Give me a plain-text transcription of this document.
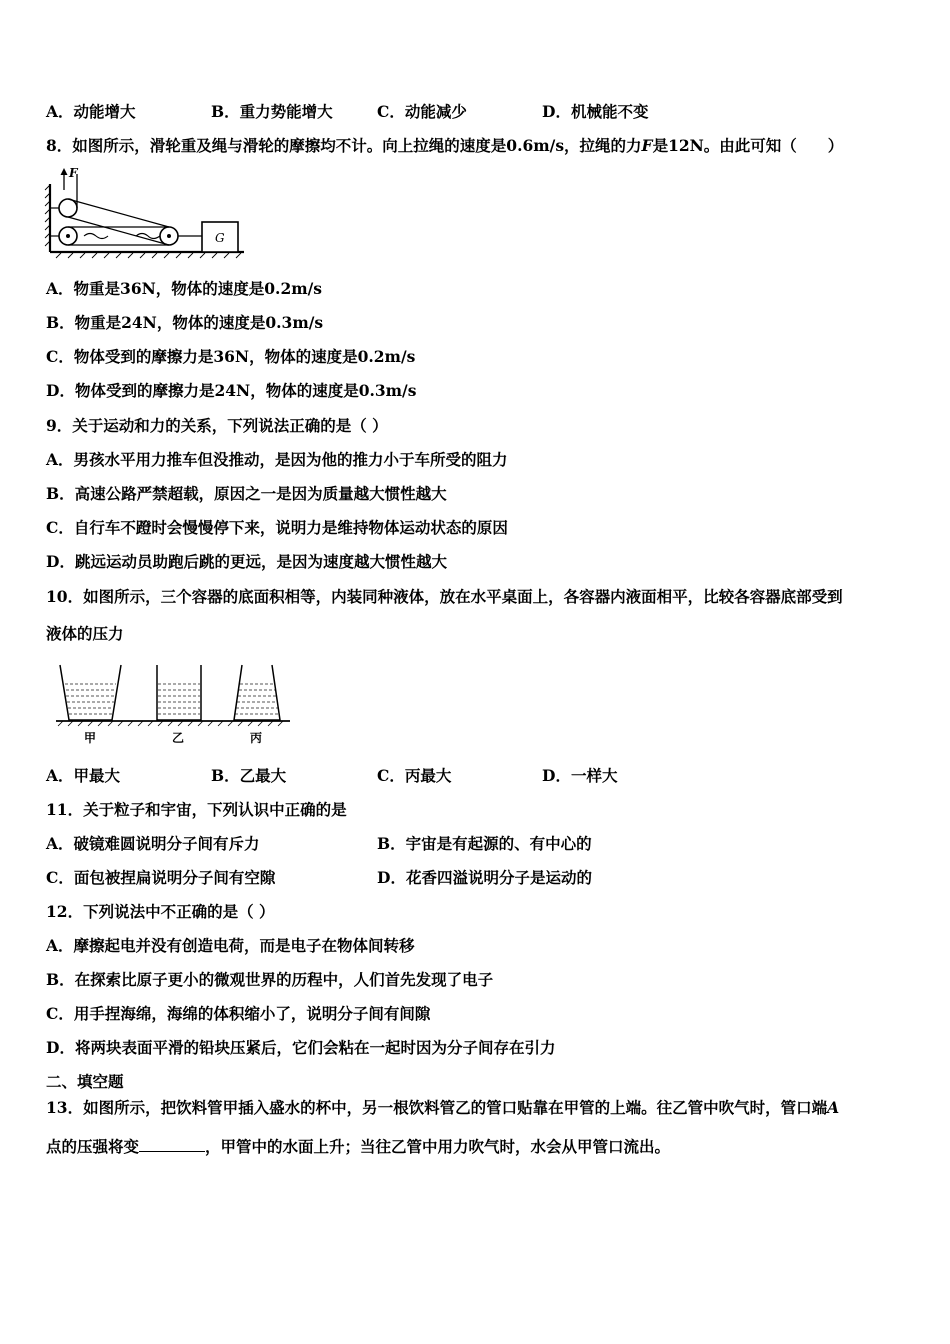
A．动能增大	B．重力势能增大	C．动能减少	D．机械能不变
8．如图所示，滑轮重及绳与滑轮的摩擦均不计。向上拉绳的速度是0.6m/s，拉绳的力F是12N。由此可知（　　）
G
F
A．物重是36N，物体的速度是0.2m/s
B．物重是24N，物体的速度是0.3m/s
C．物体受到的摩擦力是36N，物体的速度是0.2m/s
D．物体受到的摩擦力是24N，物体的速度是0.3m/s
9．关于运动和力的关系，下列说法正确的是（ ）
A．男孩水平用力推车但没推动，是因为他的推力小于车所受的阻力
B．高速公路严禁超载，原因之一是因为质量越大惯性越大
C．自行车不蹬时会慢慢停下来，说明力是维持物体运动状态的原因
D．跳远运动员助跑后跳的更远，是因为速度越大惯性越大
10．如图所示，三个容器的底面积相等，内装同种液体，放在水平桌面上，各容器内液面相平，比较各容器底部受到
液体的压力
甲	乙	丙
A．甲最大	B．乙最大	C．丙最大	D．一样大
11．关于粒子和宇宙，下列认识中正确的是
A．破镜难圆说明分子间有斥力	B．宇宙是有起源的、有中心的
C．面包被捏扁说明分子间有空隙	D．花香四溢说明分子是运动的
12．下列说法中不正确的是（ ）
A．摩擦起电并没有创造电荷，而是电子在物体间转移
B．在探索比原子更小的微观世界的历程中，人们首先发现了电子
C．用手捏海绵，海绵的体积缩小了，说明分子间有间隙
D．将两块表面平滑的铅块压紧后，它们会粘在一起时因为分子间存在引力
二、填空题
13．如图所示，把饮料管甲插入盛水的杯中，另一根饮料管乙的管口贴靠在甲管的上端。往乙管中吹气时，管口端A
点的压强将变	，甲管中的水面上升；当往乙管中用力吹气时，水会从甲管口流出。
